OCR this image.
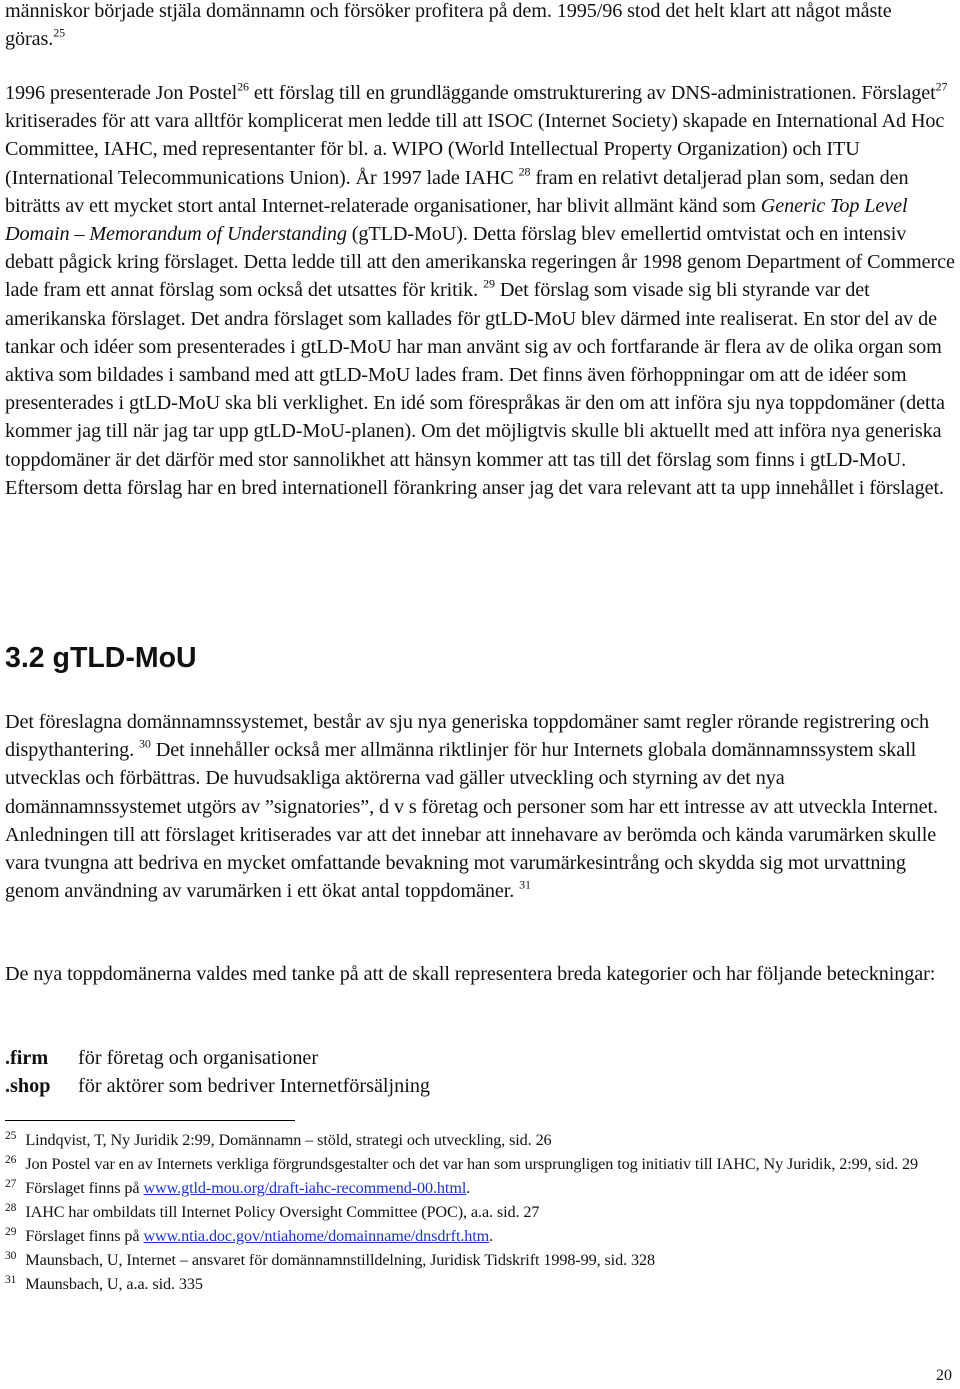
människor började stjäla domännamn och försöker profitera på dem. 1995/96 stod det helt klart att något måste göras.$^{25}$

1996 presenterade Jon Postel$^{26}$ ett förslag till en grundläggande omstrukturering av DNS-administrationen. Förslaget$^{27}$ kritiserades för att vara alltför komplicerat men ledde till att ISOC (Internet Society) skapade en International Ad Hoc Committee, IAHC, med representanter för bl. a. WIPO (World Intellectual Property Organization) och ITU (International Telecommunications Union). År 1997 lade IAHC $^{28}$ fram en relativt detaljerad plan som, sedan den biträtts av ett mycket stort antal Internet-relaterade organisationer, har blivit allmänt känd som Generic Top Level Domain – Memorandum of Understanding (gTLD-MoU). Detta förslag blev emellertid omtvistat och en intensiv debatt pågick kring förslaget. Detta ledde till att den amerikanska regeringen år 1998 genom Department of Commerce lade fram ett annat förslag som också det utsattes för kritik. $^{29}$ Det förslag som visade sig bli styrande var det amerikanska förslaget. Det andra förslaget som kallades för gtLD-MoU blev därmed inte realiserat. En stor del av de tankar och idéer som presenterades i gtLD-MoU har man använt sig av och fortfarande är flera av de olika organ som aktiva som bildades i samband med att gtLD-MoU lades fram. Det finns även förhoppningar om att de idéer som presenterades i gtLD-MoU ska bli verklighet. En idé som förespråkas är den om att införa sju nya toppdomäner (detta kommer jag till när jag tar upp gtLD-MoU-planen). Om det möjligtvis skulle bli aktuellt med att införa nya generiska toppdomäner är det därför med stor sannolikhet att hänsyn kommer att tas till det förslag som finns i gtLD-MoU. Eftersom detta förslag har en bred internationell förankring anser jag det vara relevant att ta upp innehållet i förslaget.

3.2 gTLD-MoU

Det föreslagna domännamnssystemet, består av sju nya generiska toppdomäner samt regler rörande registrering och dispythantering. $^{30}$ Det innehåller också mer allmänna riktlinjer för hur Internets globala domännamnssystem skall utvecklas och förbättras. De huvudsakliga aktörerna vad gäller utveckling och styrning av det nya domännamnssystemet utgörs av ”signatories”, d v s företag och personer som har ett intresse av att utveckla Internet. Anledningen till att förslaget kritiserades var att det innebar att innehavare av berömda och kända varumärken skulle vara tvungna att bedriva en mycket omfattande bevakning mot varumärkesintrång och skydda sig mot urvattning genom användning av varumärken i ett ökat antal toppdomäner. $^{31}$

De nya toppdomänerna valdes med tanke på att de skall representera breda kategorier och har följande beteckningar:

.firm	för företag och organisationer
.shop	för aktörer som bedriver Internetförsäljning

$^{25}$ Lindqvist, T, Ny Juridik 2:99, Domännamn – stöld, strategi och utveckling, sid. 26

$^{26}$ Jon Postel var en av Internets verkliga förgrundsgestalter och det var han som ursprungligen tog initiativ till IAHC, Ny Juridik, 2:99, sid. 29

$^{27}$ Förslaget finns på www.gtld-mou.org/draft-iahc-recommend-00.html.

$^{28}$ IAHC har ombildats till Internet Policy Oversight Committee (POC), a.a. sid. 27

$^{29}$ Förslaget finns på www.ntia.doc.gov/ntiahome/domainname/dnsdrft.htm.

$^{30}$ Maunsbach, U, Internet – ansvaret för domännamnstilldelning, Juridisk Tidskrift 1998-99, sid. 328

$^{31}$ Maunsbach, U, a.a. sid. 335

20
